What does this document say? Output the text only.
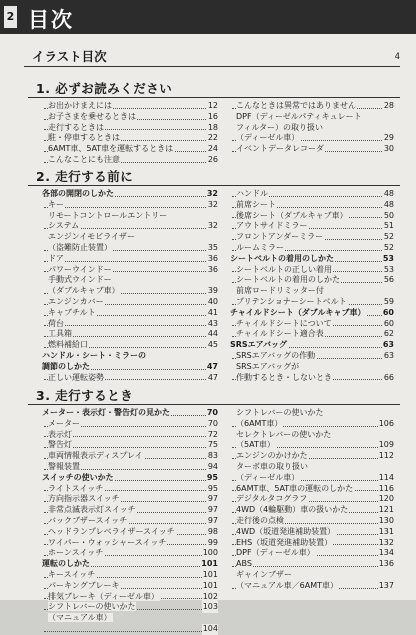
2 目次
イラスト目次	4
1. 必ずお読みください
お出かけまえには	12
お子さまを乗せるときは	16
走行するときは	18
駐・停車するときは	22
6AMT車、5AT車を運転するときは	24
こんなことにも注意	26
こんなときは異常ではありません	28
DPF（ディーゼルパティキュレート
フィルター）の取り扱い
（ディーゼル車）	29
イベントデータレコーダ	30
2. 走行する前に
各部の開閉のしかた	32
キー	32
リモートコントロールエントリー
システム	32
エンジンイモビライザー
（盗難防止装置）	35
ドア	36
パワーウインドー	36
手動式ウインドー
（ダブルキャブ車）	39
エンジンカバー	40
キャブチルト	41
荷台	43
工具箱	44
燃料補給口	45
ハンドル・シート・ミラーの
調節のしかた	47
正しい運転姿勢	47
ハンドル	48
前席シート	48
後席シート（ダブルキャブ車）	50
アウトサイドミラー	51
フロントアンダーミラー	52
ルームミラー	52
シートベルトの着用のしかた	53
シートベルトの正しい着用	53
シートベルトの着用のしかた	56
前席ロードリミッター付
プリテンショナーシートベルト	59
チャイルドシート（ダブルキャブ車） 60
チャイルドシートについて	60
チャイルドシート適合表	62
SRSエアバッグ	63
SRSエアバッグの作動	63
SRSエアバッグが
作動するとき・しないとき	66
3. 走行するとき
メーター・表示灯・警告灯の見かた	70
メーター	70
表示灯	72
警告灯	75
車両情報表示ディスプレイ	83
警報装置	94
スイッチの使いかた	95
ライトスイッチ	95
方向指示器スイッチ	97
非常点滅表示灯スイッチ	97
バックブザースイッチ	97
ヘッドランプレベライザースイッチ	98
ワイパー・ウォッシャースイッチ	99
ホーンスイッチ	100
運転のしかた	101
キースイッチ	101
パーキングブレーキ	101
排気ブレーキ（ディーゼル車）	102
シフトレバーの使いかた	103
（マニュアル車）
104
シフトレバーの使いかた
（6AMT車）	106
セレクトレバーの使いかた
（5AT車）	109
エンジンのかけかた	112
ターボ車の取り扱い
（ディーゼル車）	114
6AMT車、5AT車の運転のしかた	116
デジタルタコグラフ	120
4WD（4輪駆動）車の扱いかた	121
走行後の点検	130
4WD（坂道発進補助装置）	131
EHS（坂道発進補助装置）	132
DPF（ディーゼル車）	134
ABS	136
ギャインブザー
（マニュアル車／6AMT車）	137
